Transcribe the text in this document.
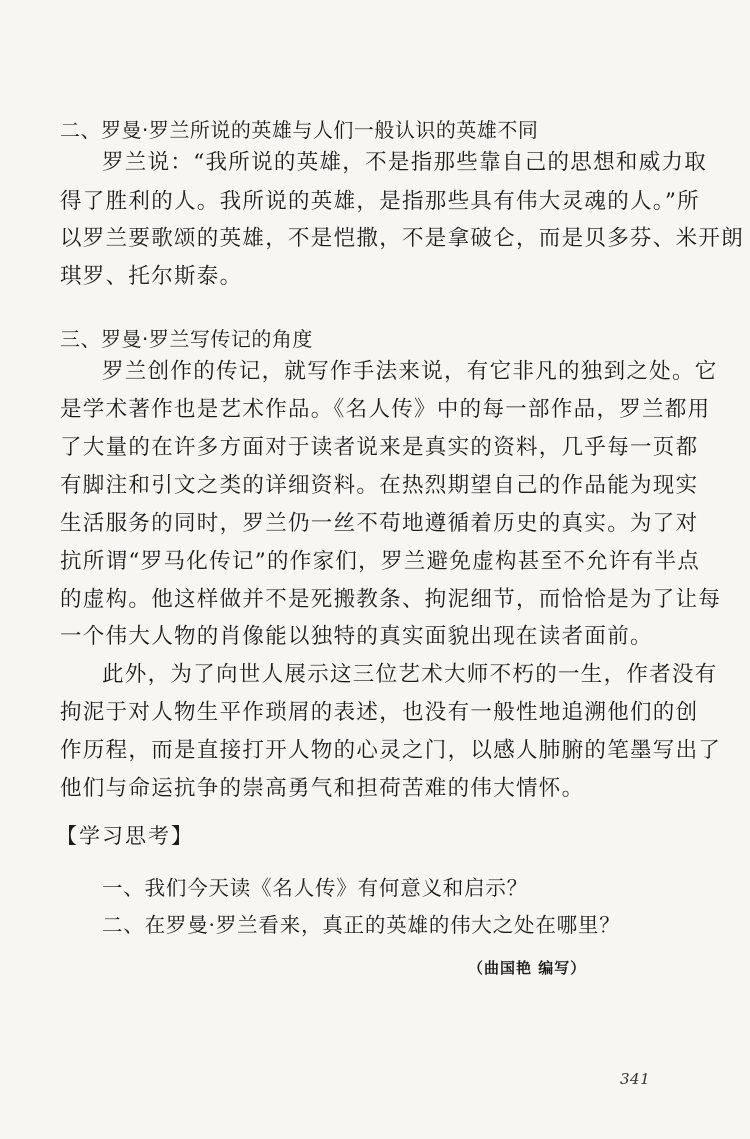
二、罗曼·罗兰所说的英雄与人们一般认识的英雄不同
罗兰说：“我所说的英雄，不是指那些靠自己的思想和威力取
得了胜利的人。我所说的英雄，是指那些具有伟大灵魂的人。”所
以罗兰要歌颂的英雄，不是恺撒，不是拿破仑，而是贝多芬、米开朗
琪罗、托尔斯泰。
三、罗曼·罗兰写传记的角度
罗兰创作的传记，就写作手法来说，有它非凡的独到之处。它
是学术著作也是艺术作品。《名人传》中的每一部作品，罗兰都用
了大量的在许多方面对于读者说来是真实的资料，几乎每一页都
有脚注和引文之类的详细资料。在热烈期望自己的作品能为现实
生活服务的同时，罗兰仍一丝不苟地遵循着历史的真实。为了对
抗所谓“罗马化传记”的作家们，罗兰避免虚构甚至不允许有半点
的虚构。他这样做并不是死搬教条、拘泥细节，而恰恰是为了让每
一个伟大人物的肖像能以独特的真实面貌出现在读者面前。
此外，为了向世人展示这三位艺术大师不朽的一生，作者没有
拘泥于对人物生平作琐屑的表述，也没有一般性地追溯他们的创
作历程，而是直接打开人物的心灵之门，以感人肺腑的笔墨写出了
他们与命运抗争的崇高勇气和担荷苦难的伟大情怀。
【学习思考】
一、我们今天读《名人传》有何意义和启示？
二、在罗曼·罗兰看来，真正的英雄的伟大之处在哪里？
（曲国艳 编写）
341
